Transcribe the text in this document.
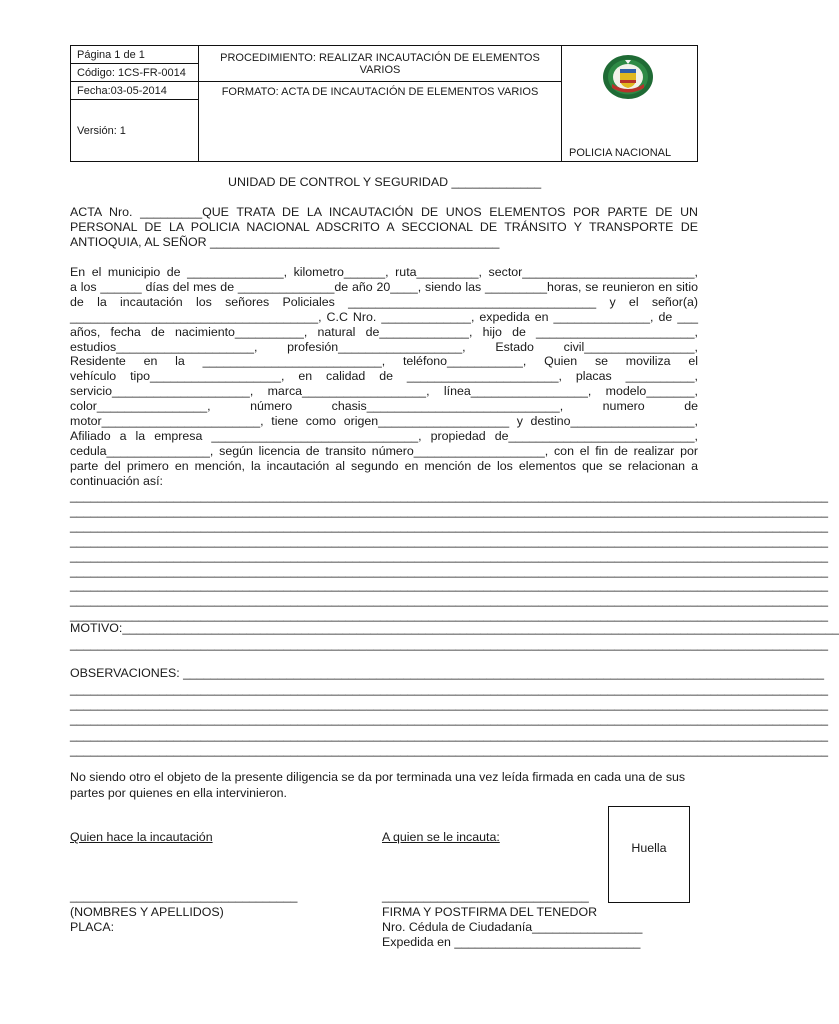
Página 1 de 1	PROCEDIMIENTO: REALIZAR INCAUTACIÓN DE ELEMENTOS VARIOS	POLICIA NACIONAL

Código: 1CS-FR-0014		
Fecha:03-05-2014	FORMATO: ACTA DE INCAUTACIÓN DE ELEMENTOS VARIOS	
Versión: 1		
UNIDAD DE CONTROL Y SEGURIDAD _____________
ACTA Nro. _________QUE TRATA DE LA INCAUTACIÓN DE UNOS ELEMENTOS POR PARTE DE UN
PERSONAL DE LA POLICIA NACIONAL ADSCRITO A SECCIONAL DE TRÁNSITO Y TRANSPORTE DE
ANTIOQUIA, AL SEÑOR __________________________________________
En el municipio de ______________, kilometro______, ruta_________, sector_________________________,
a los ______ días del mes de ______________de año 20____, siendo las _________horas, se reunieron en sitio
de la incautación los señores Policiales ____________________________________ y el señor(a)
____________________________________, C.C Nro. _____________, expedida en ______________, de ___
años, fecha de nacimiento__________, natural de_____________, hijo de _______________________,
estudios____________________, profesión__________________, Estado civil________________,
Residente en la __________________________, teléfono___________, Quien se moviliza el
vehículo tipo___________________, en calidad de ______________________, placas __________,
servicio____________________, marca__________________, línea_________________, modelo_______,
color________________, número chasis____________________________, numero de
motor_______________________, tiene como origen___________________ y destino__________________,
Afiliado a la empresa ______________________________, propiedad de___________________________,
cedula_______________, según licencia de transito número___________________, con el fin de realizar por
parte del primero en mención, la incautación al segundo en mención de los elementos que se relacionan a
continuación así:
______________________________________________________________________________________________________________
______________________________________________________________________________________________________________
______________________________________________________________________________________________________________
______________________________________________________________________________________________________________
______________________________________________________________________________________________________________
______________________________________________________________________________________________________________
______________________________________________________________________________________________________________
______________________________________________________________________________________________________________
______________________________________________________________________________________________________________
MOTIVO:________________________________________________________________________________________________________
______________________________________________________________________________________________________________
OBSERVACIONES: _____________________________________________________________________________________________
______________________________________________________________________________________________________________
______________________________________________________________________________________________________________
______________________________________________________________________________________________________________
______________________________________________________________________________________________________________
______________________________________________________________________________________________________________
No siendo otro el objeto de la presente diligencia se da por terminada una vez leída firmada en cada una de sus
partes por quienes en ella intervinieron.
Quien hace la incautación	A quien se le incauta:
Huella
_________________________________	______________________________
(NOMBRES Y APELLIDOS)
PLACA:
FIRMA Y POSTFIRMA DEL TENEDOR
Nro. Cédula de Ciudadanía________________
Expedida en ___________________________
